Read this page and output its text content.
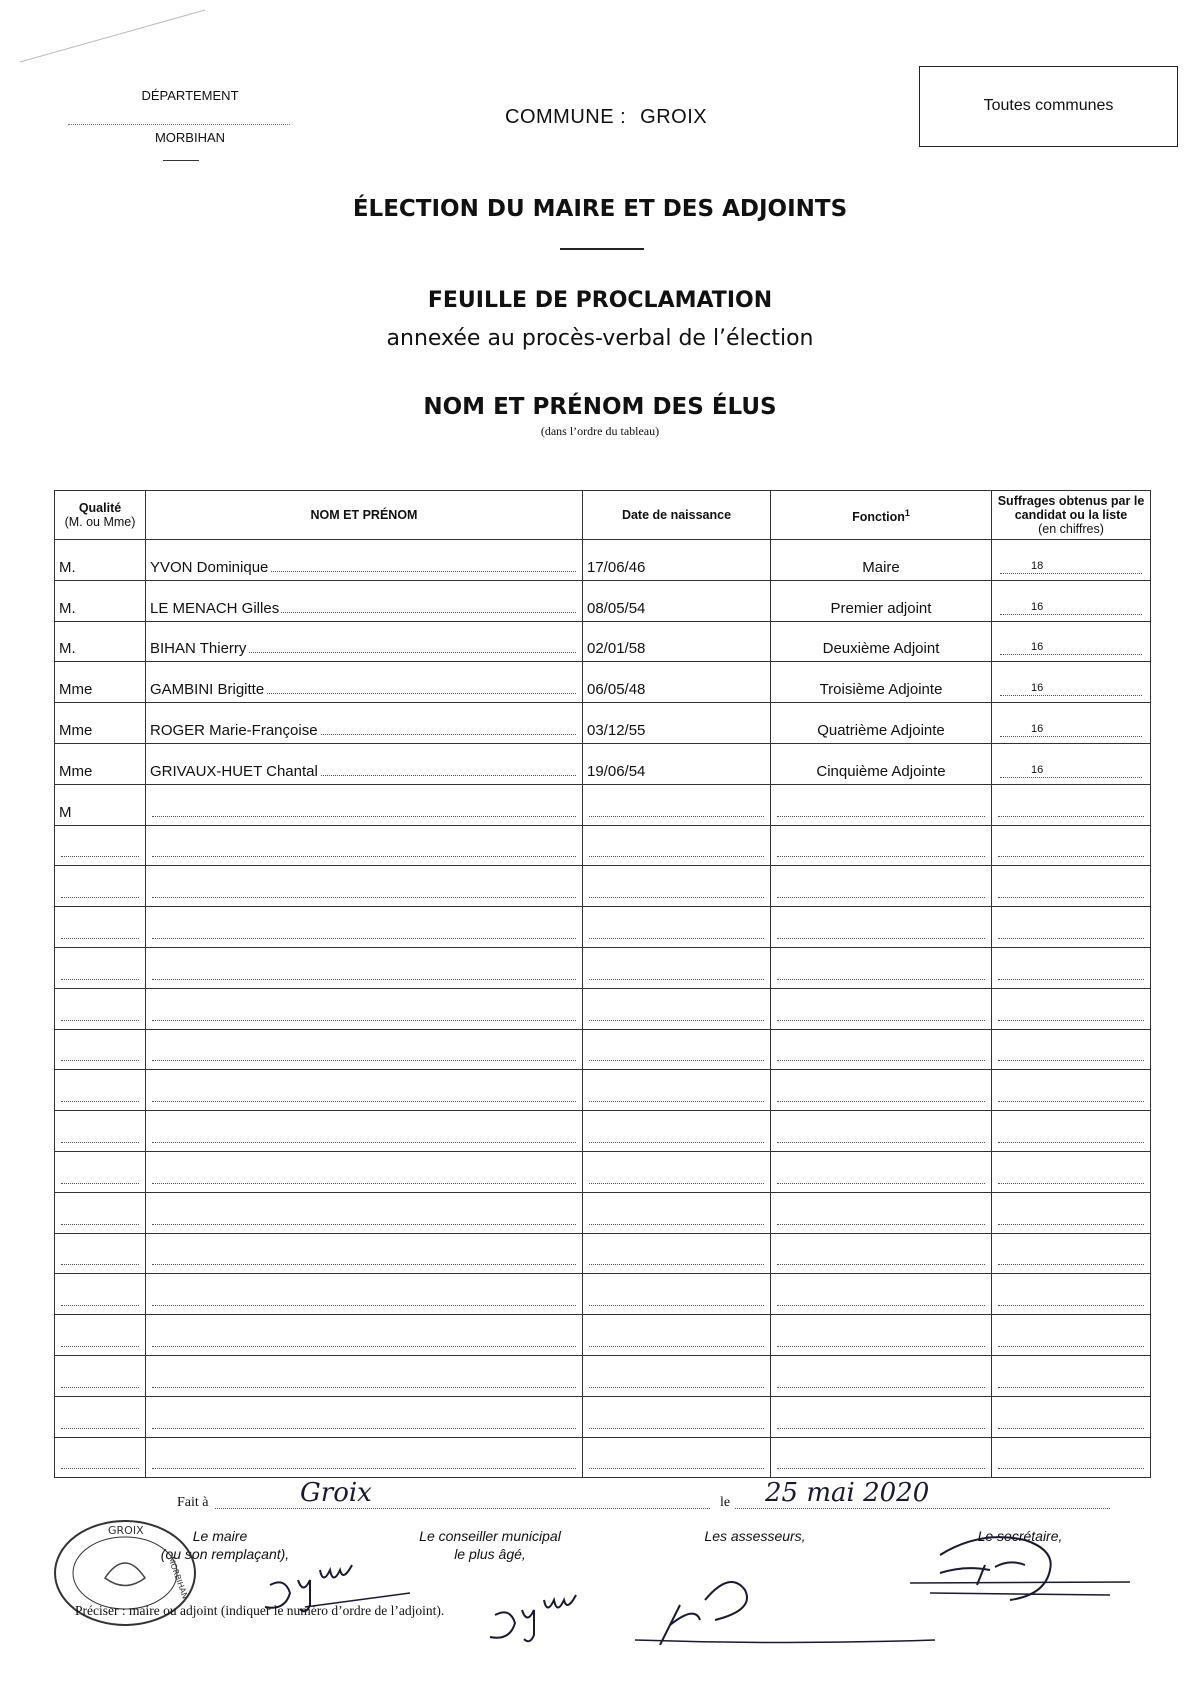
DÉPARTEMENT
MORBIHAN
COMMUNE : GROIX
Toutes communes
ÉLECTION DU MAIRE ET DES ADJOINTS
FEUILLE DE PROCLAMATION
annexée au procès-verbal de l’élection
NOM ET PRÉNOM DES ÉLUS
(dans l’ordre du tableau)
Qualité
(M. ou Mme)	NOM ET PRÉNOM	Date de naissance	Fonction$^1$	Suffrages obtenus par le candidat ou la liste
(en chiffres)
M.	YVON Dominique	17/06/46	Maire	18

M.	LE MENACH Gilles	08/05/54	Premier adjoint	16

M.	BIHAN Thierry	02/01/58	Deuxième Adjoint	16

Mme	GAMBINI Brigitte	06/05/48	Troisième Adjointe	16

Mme	ROGER Marie-Françoise	03/12/55	Quatrième Adjointe	16

Mme	GRIVAUX-HUET Chantal	19/06/54	Cinquième Adjointe	16

M	

Fait à	Groix	le 25 mai 2020
Le maire
(ou son remplaçant),
Le conseiller municipal
le plus âgé,
Les assesseurs,	Le secrétaire,
GROIX
MORBIHAN
Préciser : maire ou adjoint (indiquer le numéro d’ordre de l’adjoint).
